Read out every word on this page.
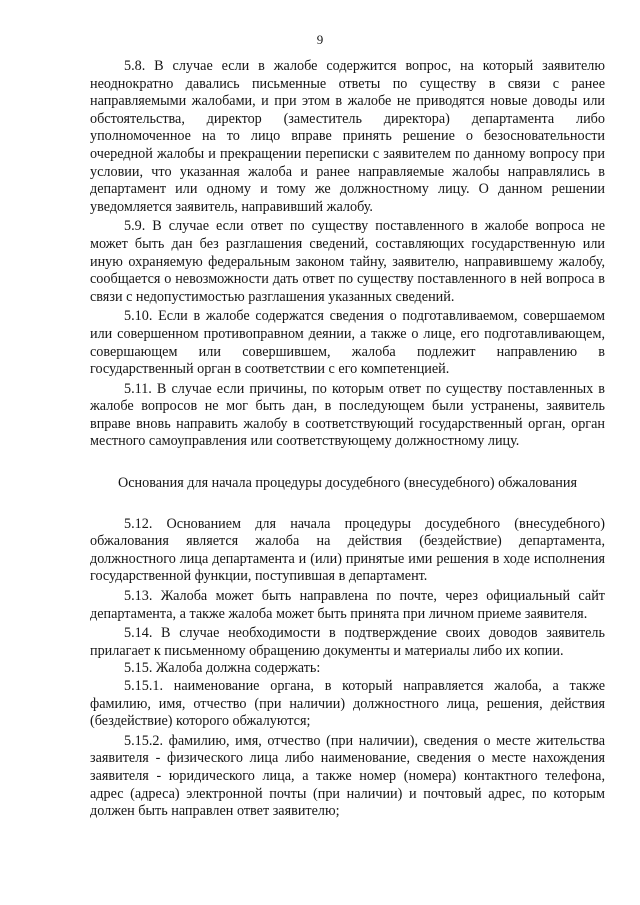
9

5.8. В случае если в жалобе содержится вопрос, на который заявителю неоднократно давались письменные ответы по существу в связи с ранее направляемыми жалобами, и при этом в жалобе не приводятся новые доводы или обстоятельства, директор (заместитель директора) департамента либо уполномоченное на то лицо вправе принять решение о безосновательности очередной жалобы и прекращении переписки с заявителем по данному вопросу при условии, что указанная жалоба и ранее направляемые жалобы направлялись в департамент или одному и тому же должностному лицу. О данном решении уведомляется заявитель, направивший жалобу.

5.9. В случае если ответ по существу поставленного в жалобе вопроса не может быть дан без разглашения сведений, составляющих государственную или иную охраняемую федеральным законом тайну, заявителю, направившему жалобу, сообщается о невозможности дать ответ по существу поставленного в ней вопроса в связи с недопустимостью разглашения указанных сведений.

5.10. Если в жалобе содержатся сведения о подготавливаемом, совершаемом или совершенном противоправном деянии, а также о лице, его подготавливающем, совершающем или совершившем, жалоба подлежит направлению в государственный орган в соответствии с его компетенцией.

5.11. В случае если причины, по которым ответ по существу поставленных в жалобе вопросов не мог быть дан, в последующем были устранены, заявитель вправе вновь направить жалобу в соответствующий государственный орган, орган местного самоуправления или соответствующему должностному лицу.

Основания для начала процедуры досудебного (внесудебного) обжалования

5.12. Основанием для начала процедуры досудебного (внесудебного) обжалования является жалоба на действия (бездействие) департамента, должностного лица департамента и (или) принятые ими решения в ходе исполнения государственной функции, поступившая в департамент.

5.13. Жалоба может быть направлена по почте, через официальный сайт департамента, а также жалоба может быть принята при личном приеме заявителя.

5.14. В случае необходимости в подтверждение своих доводов заявитель прилагает к письменному обращению документы и материалы либо их копии.

5.15. Жалоба должна содержать:

5.15.1. наименование органа, в который направляется жалоба, а также фамилию, имя, отчество (при наличии) должностного лица, решения, действия (бездействие) которого обжалуются;

5.15.2. фамилию, имя, отчество (при наличии), сведения о месте жительства заявителя - физического лица либо наименование, сведения о месте нахождения заявителя - юридического лица, а также номер (номера) контактного телефона, адрес (адреса) электронной почты (при наличии) и почтовый адрес, по которым должен быть направлен ответ заявителю;
